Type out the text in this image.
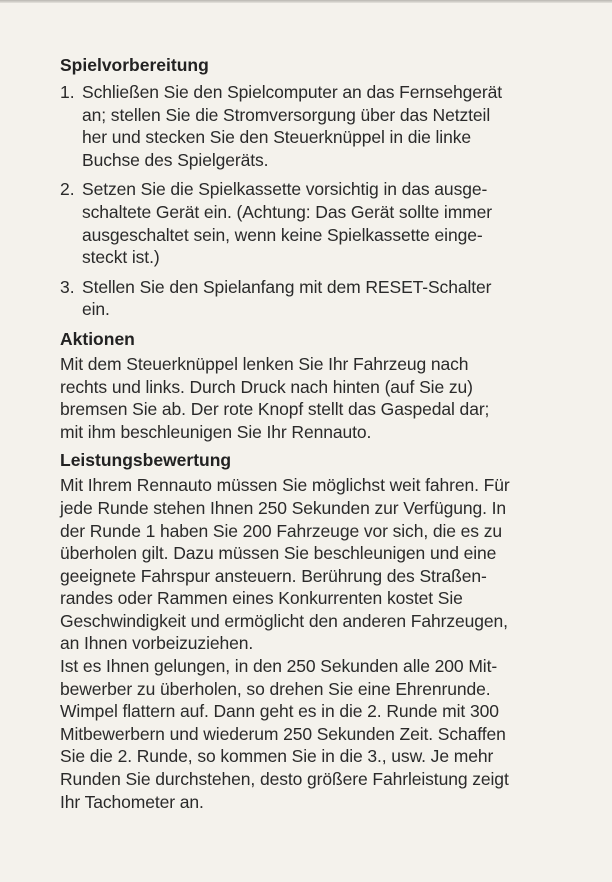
Spielvorbereitung
1. Schließen Sie den Spielcomputer an das Fernsehgerät
an; stellen Sie die Stromversorgung über das Netzteil
her und stecken Sie den Steuerknüppel in die linke
Buchse des Spielgeräts.
2. Setzen Sie die Spielkassette vorsichtig in das ausge-
schaltete Gerät ein. (Achtung: Das Gerät sollte immer
ausgeschaltet sein, wenn keine Spielkassette einge-
steckt ist.)
3. Stellen Sie den Spielanfang mit dem RESET-Schalter
ein.
Aktionen

Mit dem Steuerknüppel lenken Sie Ihr Fahrzeug nach
rechts und links. Durch Druck nach hinten (auf Sie zu)
bremsen Sie ab. Der rote Knopf stellt das Gaspedal dar;
mit ihm beschleunigen Sie Ihr Rennauto.

Leistungsbewertung

Mit Ihrem Rennauto müssen Sie möglichst weit fahren. Für
jede Runde stehen Ihnen 250 Sekunden zur Verfügung. In
der Runde 1 haben Sie 200 Fahrzeuge vor sich, die es zu
überholen gilt. Dazu müssen Sie beschleunigen und eine
geeignete Fahrspur ansteuern. Berührung des Straßen-
randes oder Rammen eines Konkurrenten kostet Sie
Geschwindigkeit und ermöglicht den anderen Fahrzeugen,
an Ihnen vorbeizuziehen.
Ist es Ihnen gelungen, in den 250 Sekunden alle 200 Mit-
bewerber zu überholen, so drehen Sie eine Ehrenrunde.
Wimpel flattern auf. Dann geht es in die 2. Runde mit 300
Mitbewerbern und wiederum 250 Sekunden Zeit. Schaffen
Sie die 2. Runde, so kommen Sie in die 3., usw. Je mehr
Runden Sie durchstehen, desto größere Fahrleistung zeigt
Ihr Tachometer an.
